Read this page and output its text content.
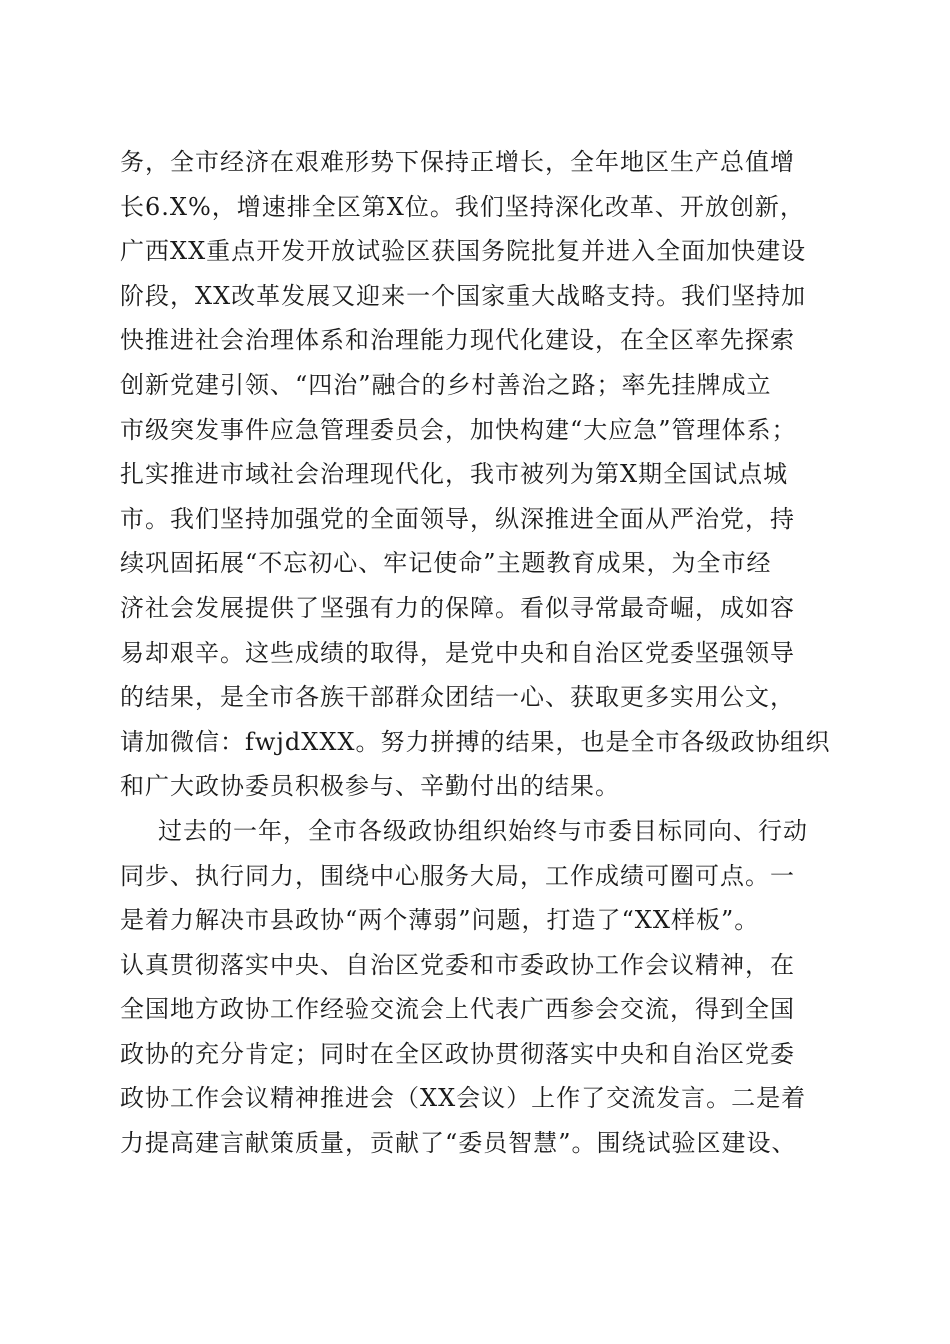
务，全市经济在艰难形势下保持正增长，全年地区生产总值增
长6.X%，增速排全区第X位。我们坚持深化改革、开放创新，
广西XX重点开发开放试验区获国务院批复并进入全面加快建设
阶段，XX改革发展又迎来一个国家重大战略支持。我们坚持加
快推进社会治理体系和治理能力现代化建设，在全区率先探索
创新党建引领、“四治”融合的乡村善治之路；率先挂牌成立
市级突发事件应急管理委员会，加快构建“大应急”管理体系；
扎实推进市域社会治理现代化，我市被列为第X期全国试点城
市。我们坚持加强党的全面领导，纵深推进全面从严治党，持
续巩固拓展“不忘初心、牢记使命”主题教育成果，为全市经
济社会发展提供了坚强有力的保障。看似寻常最奇崛，成如容
易却艰辛。这些成绩的取得，是党中央和自治区党委坚强领导
的结果，是全市各族干部群众团结一心、获取更多实用公文，
请加微信：fwjdXXX。努力拼搏的结果，也是全市各级政协组织
和广大政协委员积极参与、辛勤付出的结果。
过去的一年，全市各级政协组织始终与市委目标同向、行动
同步、执行同力，围绕中心服务大局，工作成绩可圈可点。一
是着力解决市县政协“两个薄弱”问题，打造了“XX样板”。
认真贯彻落实中央、自治区党委和市委政协工作会议精神，在
全国地方政协工作经验交流会上代表广西参会交流，得到全国
政协的充分肯定；同时在全区政协贯彻落实中央和自治区党委
政协工作会议精神推进会（XX会议）上作了交流发言。二是着
力提高建言献策质量，贡献了“委员智慧”。围绕试验区建设、
